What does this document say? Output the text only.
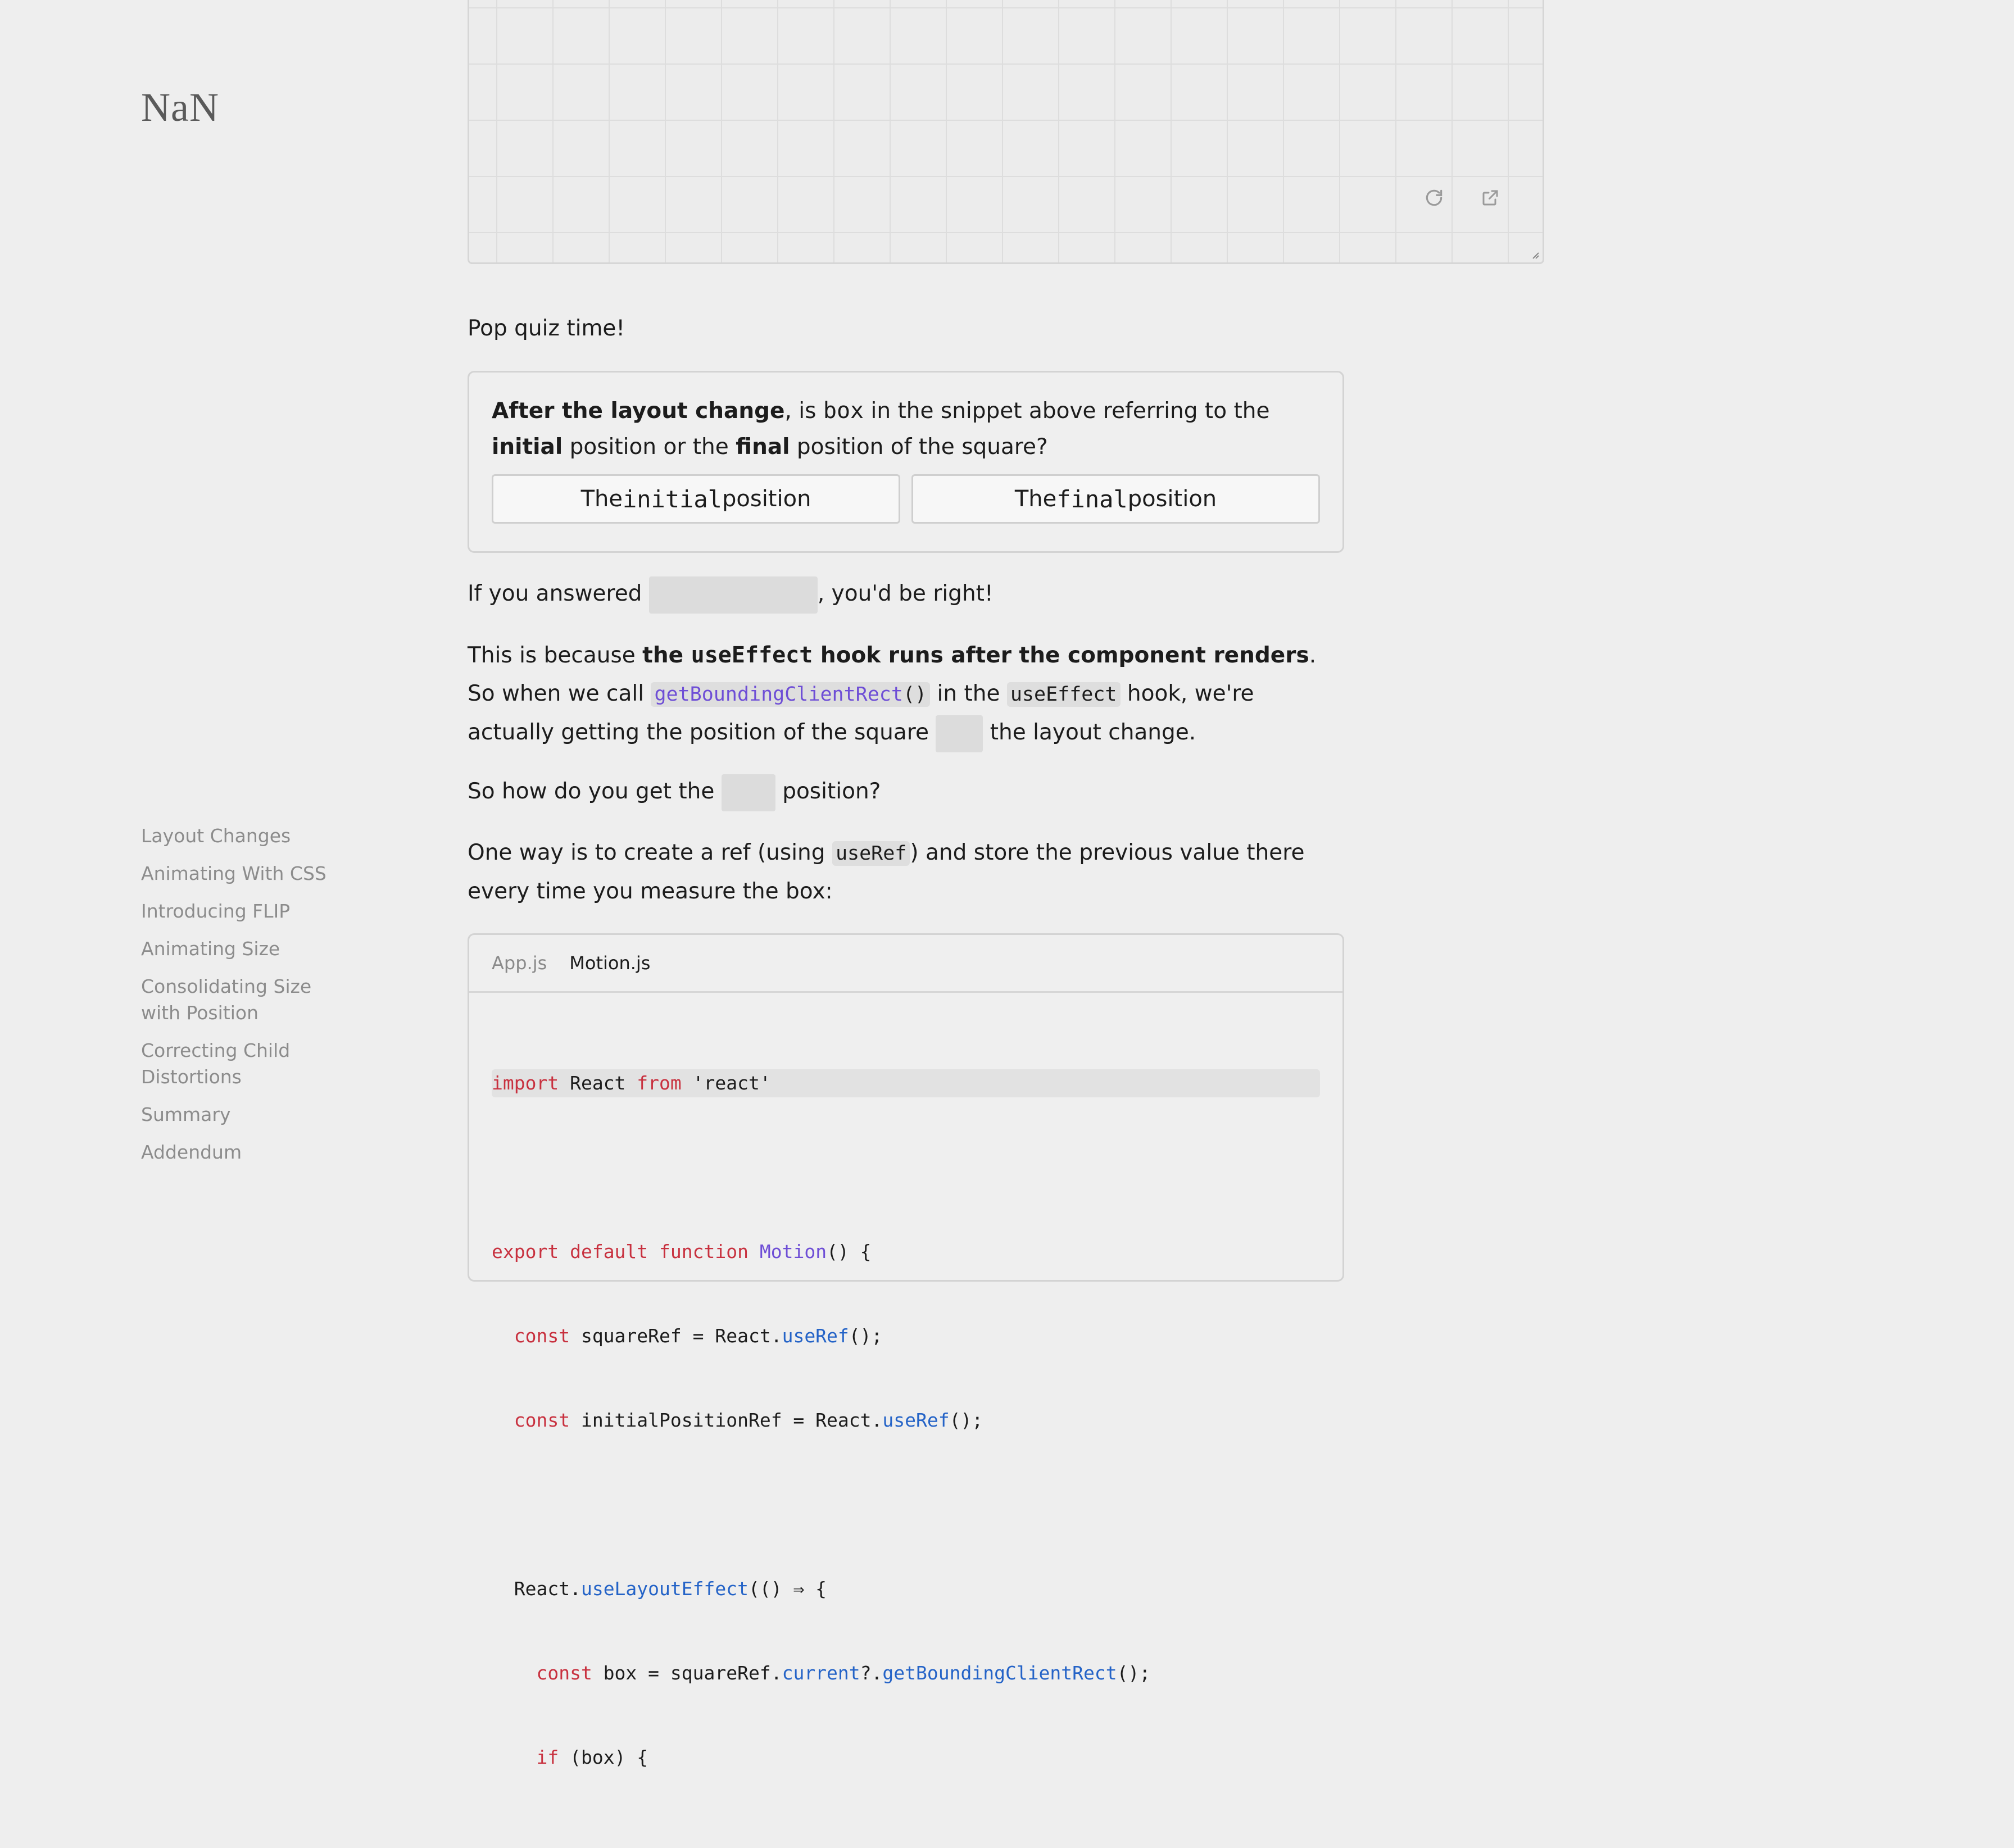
NaN
Layout Changes
Animating With CSS
Introducing FLIP
Animating Size
Consolidating Size with Position
Correcting Child Distortions
Summary
Addendum

Pop quiz time!

If you answered	, you'd be right!

This is because the useEffect hook runs after the component renders. So when we call getBoundingClientRect() in the useEffect hook, we're actually getting the position of the square  the layout change.

So how do you get the  position?

One way is to create a ref (using useRef ) and store the previous value there every time you measure the box:

After the layout change, is box in the snippet above referring to the initial position or the final position of the square?

The initial position	The final position
App.js Motion.js

import React from 'react'

export default function Motion() {

const squareRef = React.useRef();

const initialPositionRef = React.useRef();

React.useLayoutEffect(() ⇒ {

const box = squareRef.current?.getBoundingClientRect();

if (box) {
